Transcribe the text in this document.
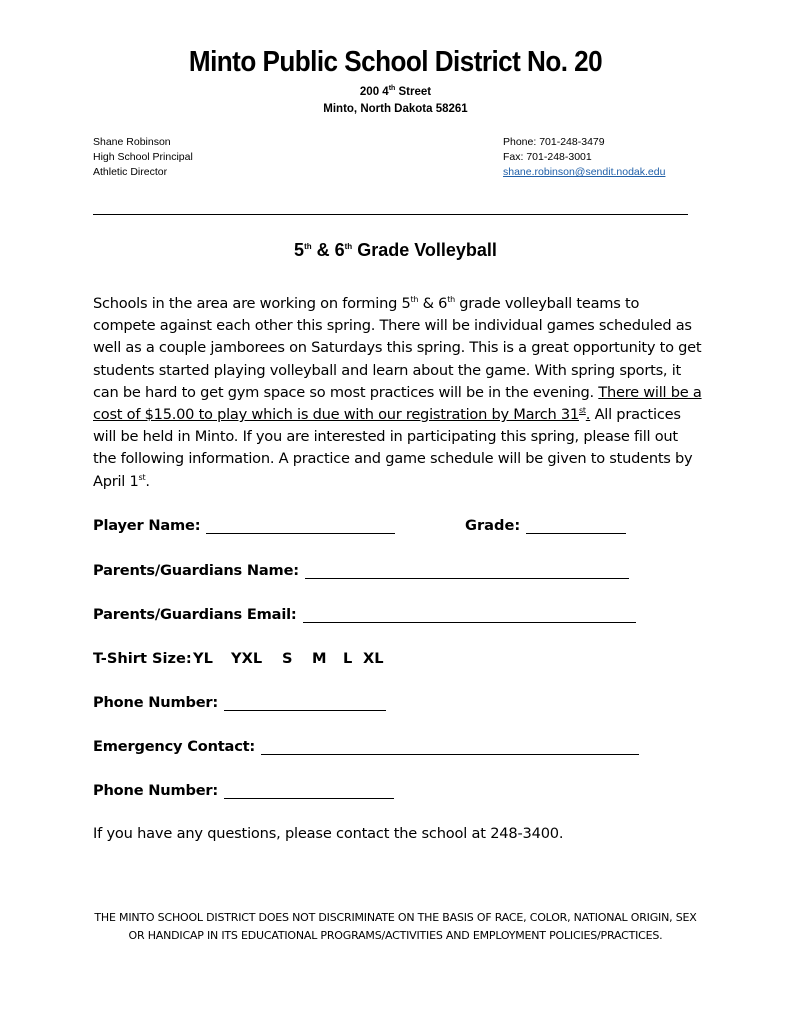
Minto Public School District No. 20
200 4th Street
Minto, North Dakota 58261
Shane Robinson
High School Principal
Athletic Director
Phone: 701-248-3479
Fax: 701-248-3001
shane.robinson@sendit.nodak.edu
5th & 6th Grade Volleyball
Schools in the area are working on forming 5th & 6th grade volleyball teams to compete against each other this spring. There will be individual games scheduled as well as a couple jamborees on Saturdays this spring. This is a great opportunity to get students started playing volleyball and learn about the game. With spring sports, it can be hard to get gym space so most practices will be in the evening. There will be a cost of $15.00 to play which is due with our registration by March 31st. All practices will be held in Minto. If you are interested in participating this spring, please fill out the following information. A practice and game schedule will be given to students by April 1st.
Player Name:	Grade:
Parents/Guardians Name:
Parents/Guardians Email:
T-Shirt Size: YL YXL S M L XL
Phone Number:
Emergency Contact:
Phone Number:
If you have any questions, please contact the school at 248-3400.
THE MINTO SCHOOL DISTRICT DOES NOT DISCRIMINATE ON THE BASIS OF RACE, COLOR, NATIONAL ORIGIN, SEX OR HANDICAP IN ITS EDUCATIONAL PROGRAMS/ACTIVITIES AND EMPLOYMENT POLICIES/PRACTICES.
